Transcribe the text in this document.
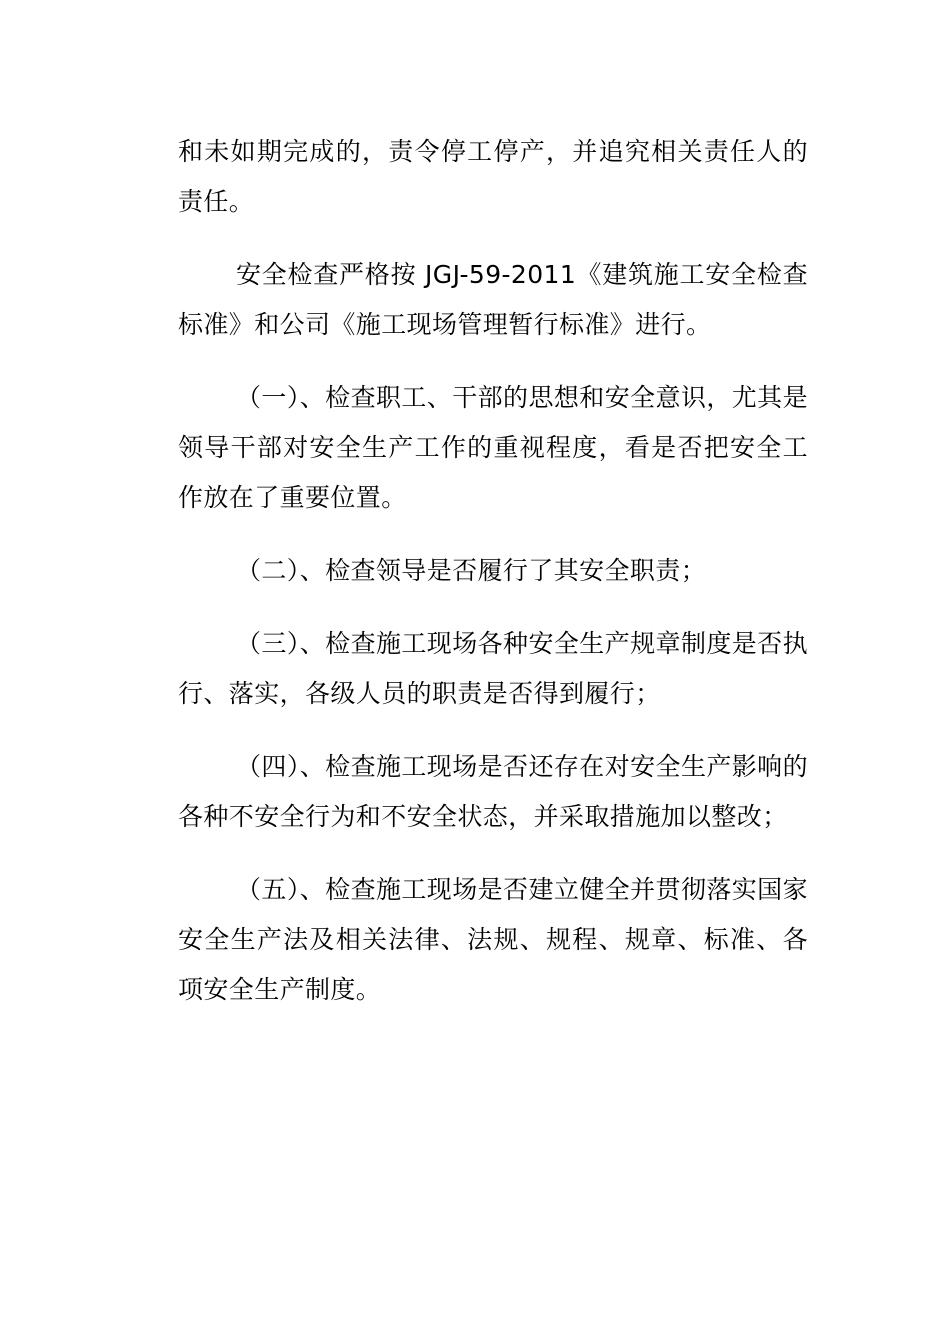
和未如期完成的，责令停工停产，并追究相关责任人的责任。

安全检查严格按 JGJ-59-2011《建筑施工安全检查标准》和公司《施工现场管理暂行标准》进行。

（一）、检查职工、干部的思想和安全意识，尤其是领导干部对安全生产工作的重视程度，看是否把安全工作放在了重要位置。

（二）、检查领导是否履行了其安全职责；

（三）、检查施工现场各种安全生产规章制度是否执行、落实，各级人员的职责是否得到履行；

（四）、检查施工现场是否还存在对安全生产影响的各种不安全行为和不安全状态，并采取措施加以整改；

（五）、检查施工现场是否建立健全并贯彻落实国家安全生产法及相关法律、法规、规程、规章、标准、各项安全生产制度。
